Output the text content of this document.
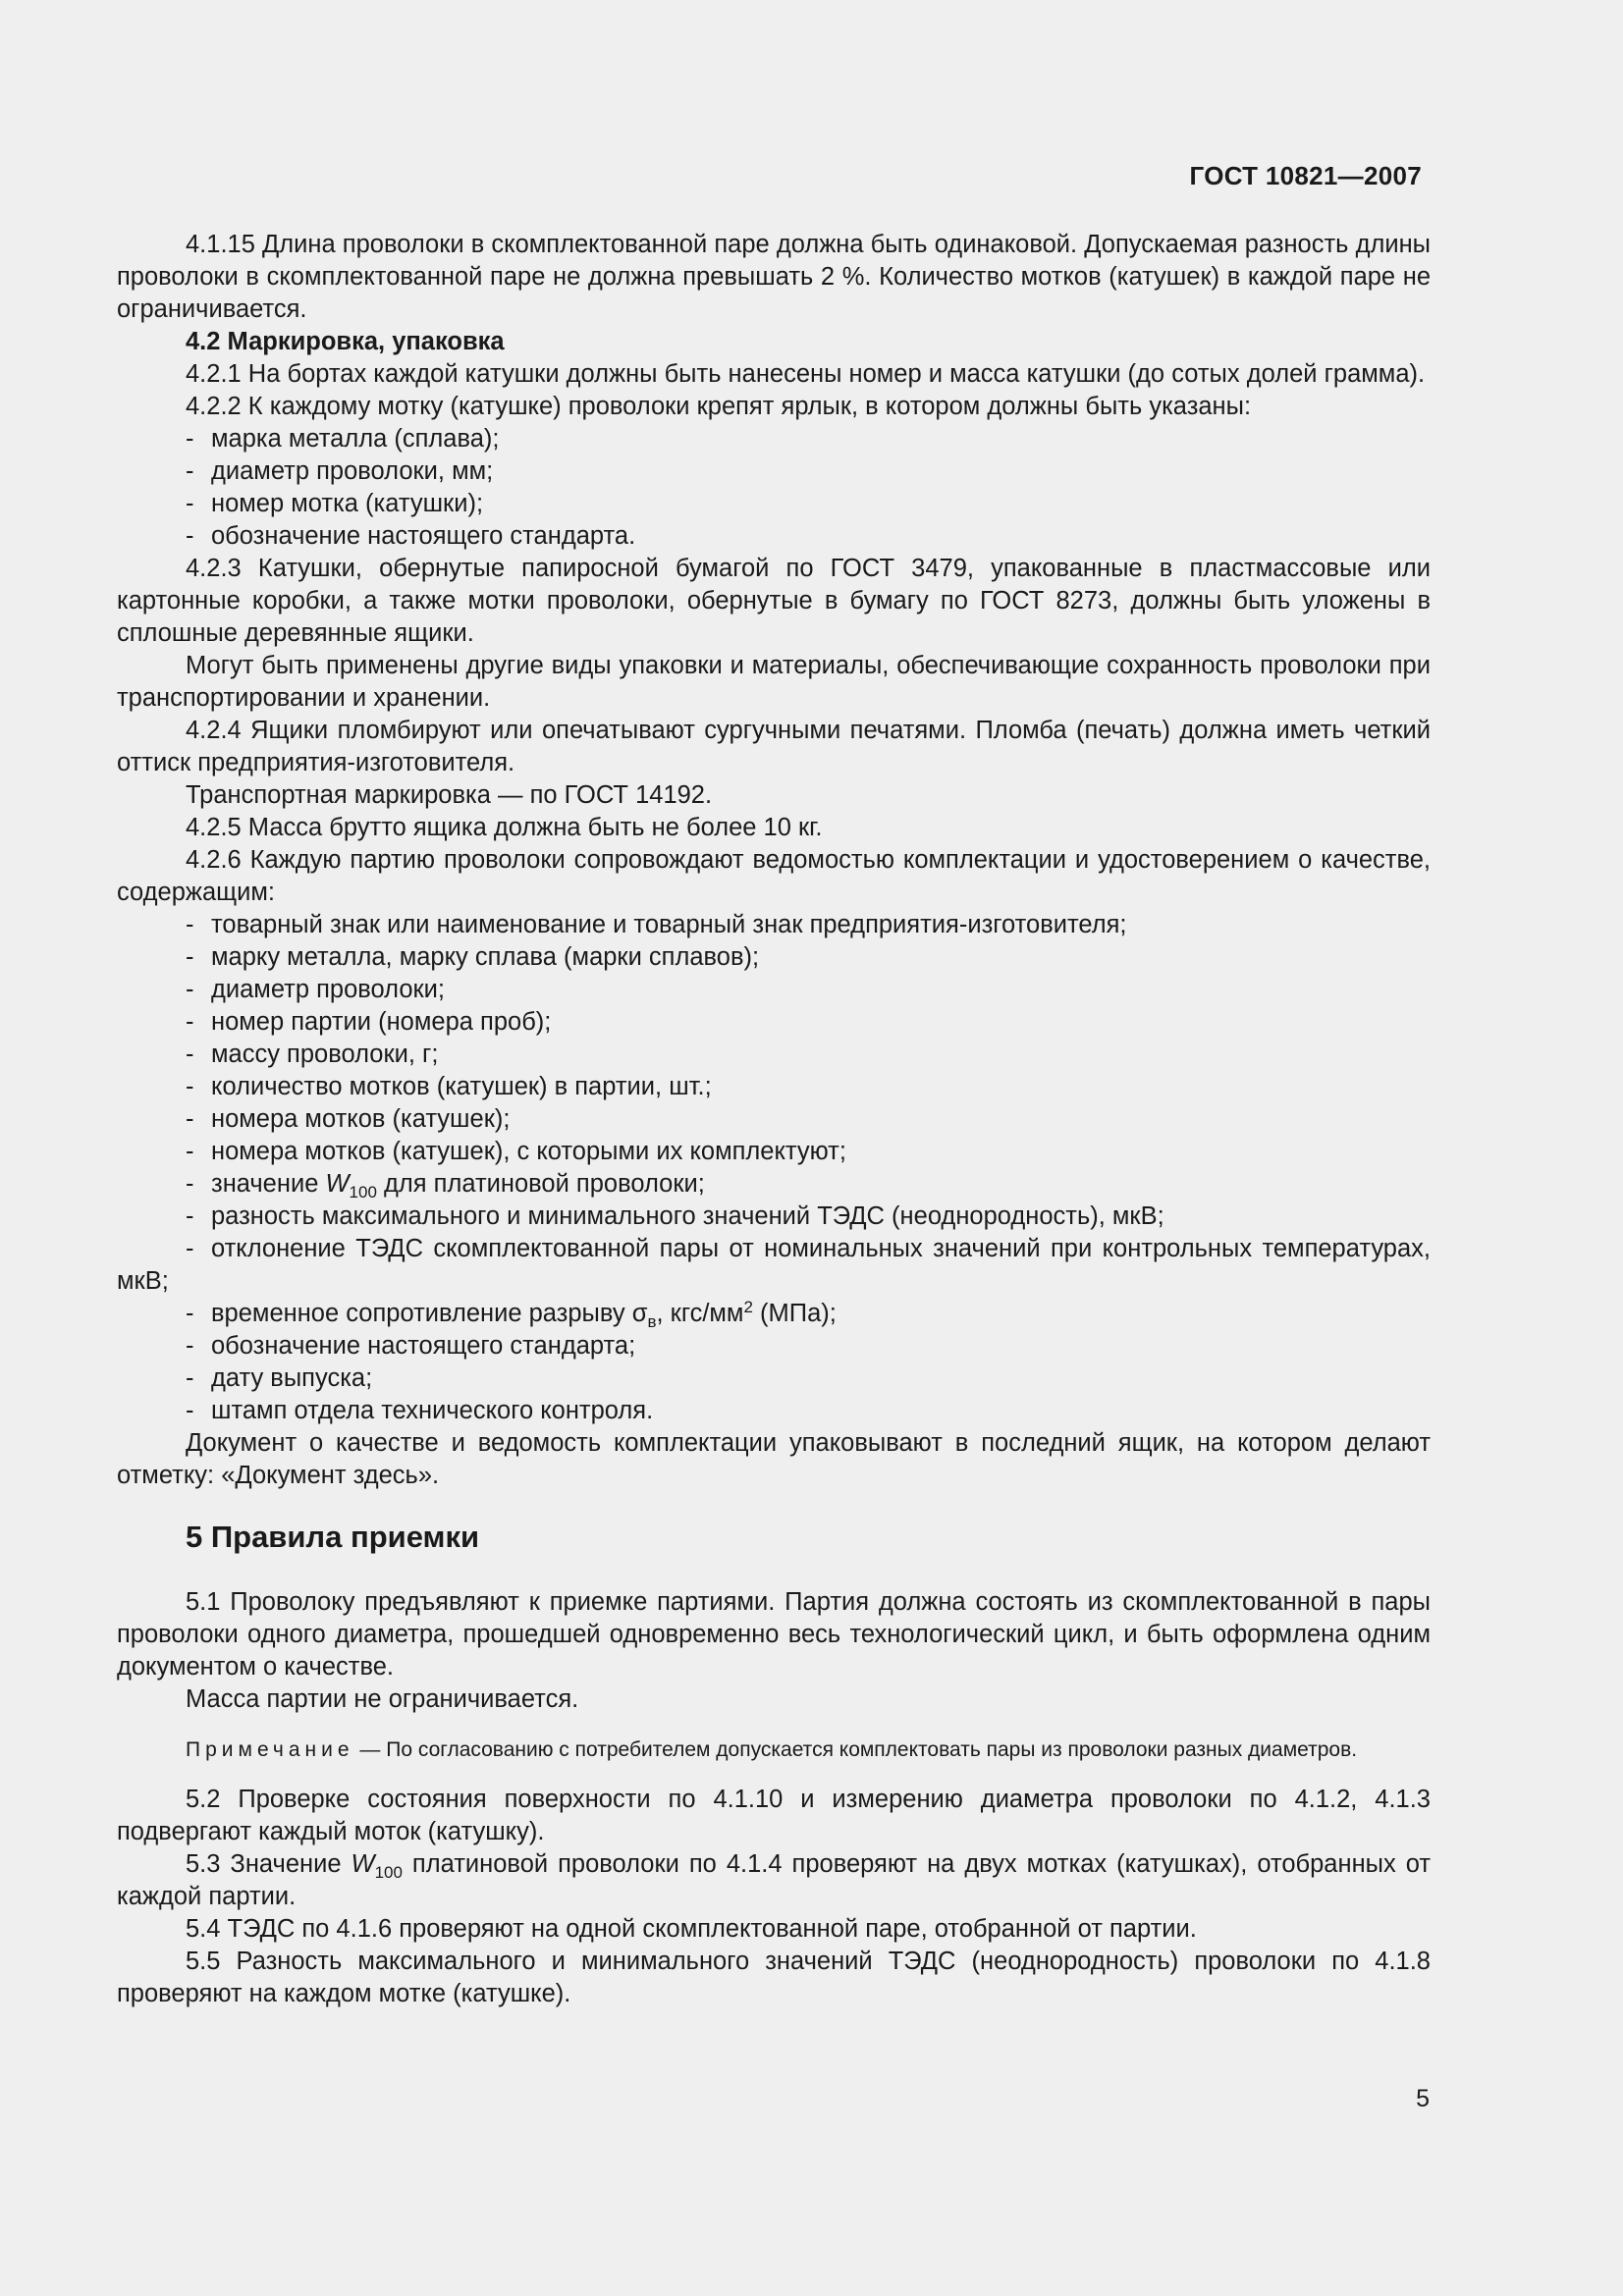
ГОСТ 10821—2007

4.1.15 Длина проволоки в скомплектованной паре должна быть одинаковой. Допускаемая разность длины проволоки в скомплектованной паре не должна превышать 2 %. Количество мотков (катушек) в каждой паре не ограничивается.

4.2 Маркировка, упаковка

4.2.1 На бортах каждой катушки должны быть нанесены номер и масса катушки (до сотых долей грамма).

4.2.2 К каждому мотку (катушке) проволоки крепят ярлык, в котором должны быть указаны:

- марка металла (сплава);

- диаметр проволоки, мм;

- номер мотка (катушки);

- обозначение настоящего стандарта.

4.2.3 Катушки, обернутые папиросной бумагой по ГОСТ 3479, упакованные в пластмассовые или картонные коробки, а также мотки проволоки, обернутые в бумагу по ГОСТ 8273, должны быть уложены в сплошные деревянные ящики.

Могут быть применены другие виды упаковки и материалы, обеспечивающие сохранность проволоки при транспортировании и хранении.

4.2.4 Ящики пломбируют или опечатывают сургучными печатями. Пломба (печать) должна иметь четкий оттиск предприятия-изготовителя.

Транспортная маркировка — по ГОСТ 14192.

4.2.5 Масса брутто ящика должна быть не более 10 кг.

4.2.6 Каждую партию проволоки сопровождают ведомостью комплектации и удостоверением о качестве, содержащим:

- товарный знак или наименование и товарный знак предприятия-изготовителя;

- марку металла, марку сплава (марки сплавов);

- диаметр проволоки;

- номер партии (номера проб);

- массу проволоки, г;

- количество мотков (катушек) в партии, шт.;

- номера мотков (катушек);

- номера мотков (катушек), с которыми их комплектуют;

- значение $W_{100}$ для платиновой проволоки;

- разность максимального и минимального значений ТЭДС (неоднородность), мкВ;

- отклонение ТЭДС скомплектованной пары от номинальных значений при контрольных температурах, мкВ;

- временное сопротивление разрыву $\sigma_в$, кгс/$мм^2$ (МПа);

- обозначение настоящего стандарта;

- дату выпуска;

- штамп отдела технического контроля.

Документ о качестве и ведомость комплектации упаковывают в последний ящик, на котором делают отметку: «Документ здесь».

5 Правила приемки

5.1 Проволоку предъявляют к приемке партиями. Партия должна состоять из скомплектованной в пары проволоки одного диаметра, прошедшей одновременно весь технологический цикл, и быть оформлена одним документом о качестве.

Масса партии не ограничивается.

Примечание — По согласованию с потребителем допускается комплектовать пары из проволоки разных диаметров.

5.2 Проверке состояния поверхности по 4.1.10 и измерению диаметра проволоки по 4.1.2, 4.1.3 подвергают каждый моток (катушку).

5.3 Значение $W_{100}$ платиновой проволоки по 4.1.4 проверяют на двух мотках (катушках), отобранных от каждой партии.

5.4 ТЭДС по 4.1.6 проверяют на одной скомплектованной паре, отобранной от партии.

5.5 Разность максимального и минимального значений ТЭДС (неоднородность) проволоки по 4.1.8 проверяют на каждом мотке (катушке).

5
